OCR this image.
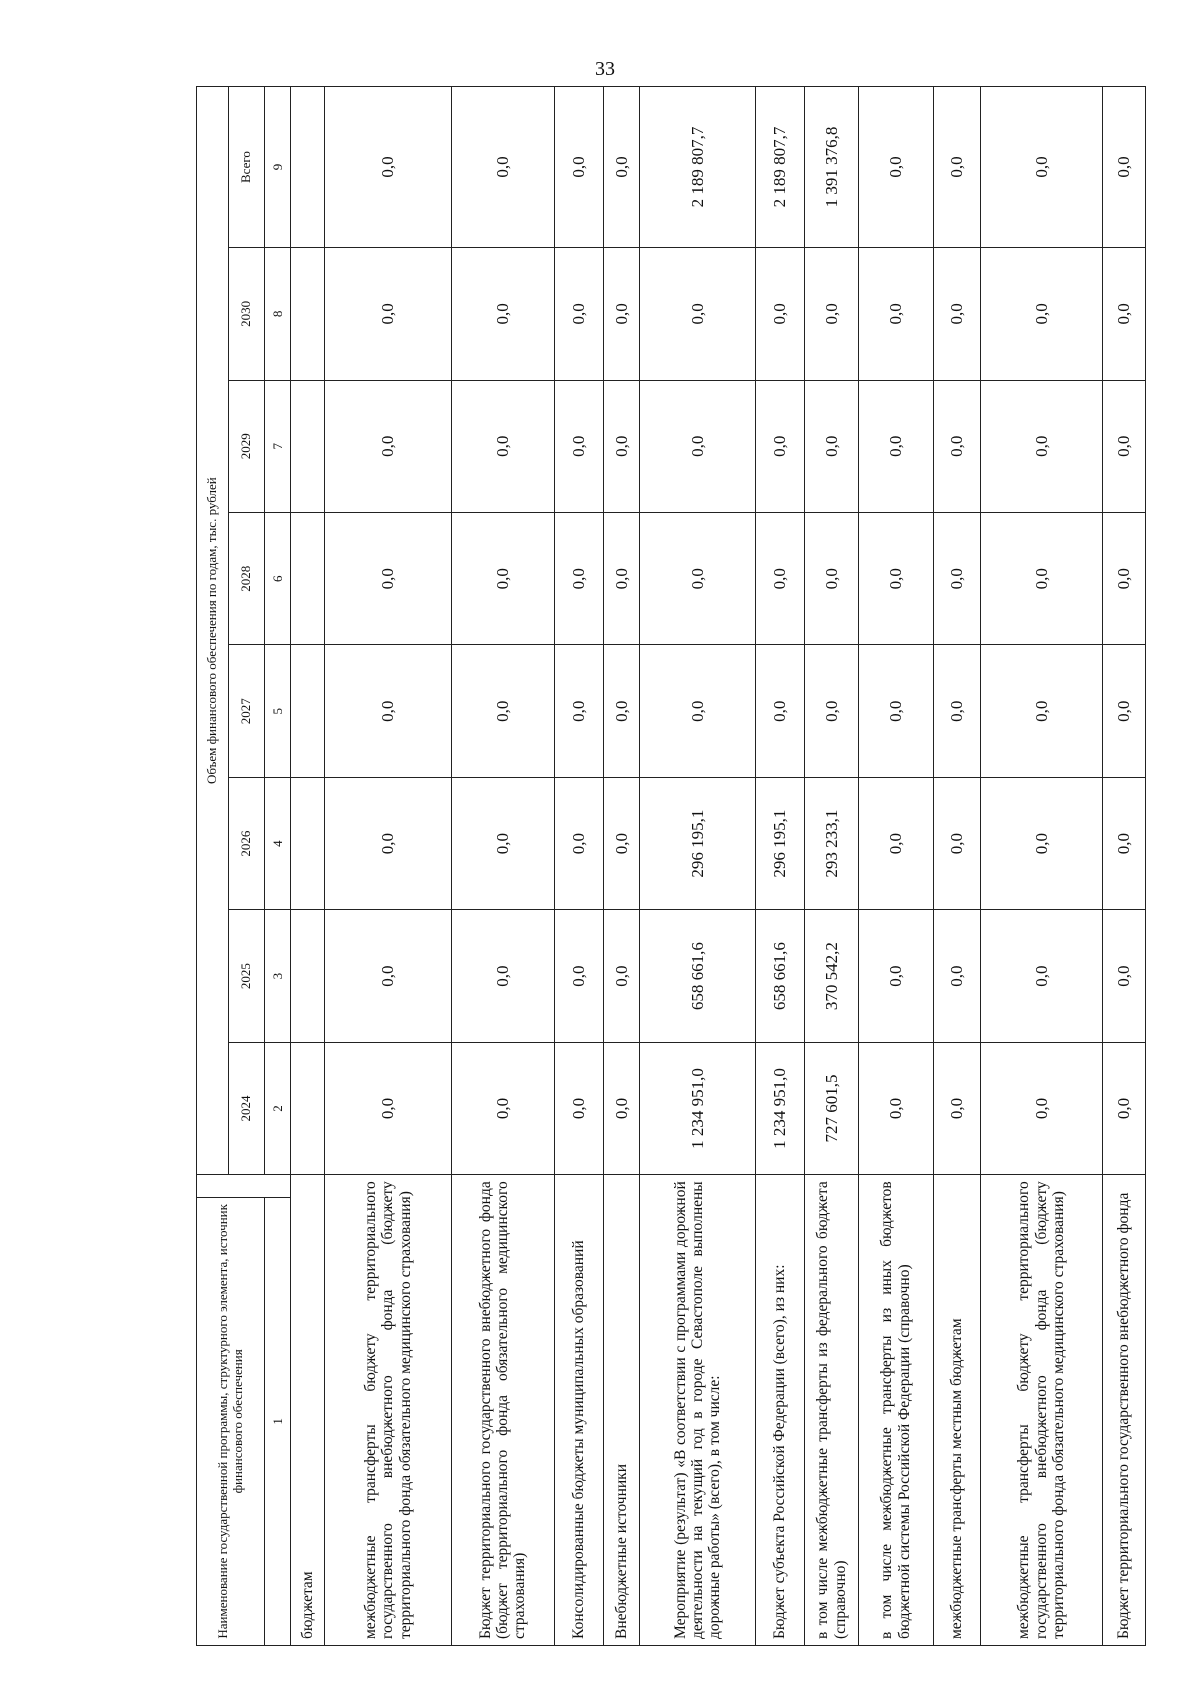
33
Наименование государственной программы, структурного элемента, источник финансового обеспечения		Объем финансового обеспечения по годам, тыс. рублей							
		2024	2025	2026	2027	2028	2029	2030	Всего
1		2	3	4	5	6	7	8	9
бюджетам									
межбюджетные трансферты бюджету территориального государственного внебюджетного фонда (бюджету территориального фонда обязательного медицинского страхования)		0,0	0,0	0,0	0,0	0,0	0,0	0,0	0,0
Бюджет территориального государственного внебюджетного фонда (бюджет территориального фонда обязательного медицинского страхования)		0,0	0,0	0,0	0,0	0,0	0,0	0,0	0,0
Консолидированные бюджеты муниципальных образований		0,0	0,0	0,0	0,0	0,0	0,0	0,0	0,0
Внебюджетные источники		0,0	0,0	0,0	0,0	0,0	0,0	0,0	0,0
Мероприятие (результат) «В соответствии с программами дорожной деятельности на текущий год в городе Севастополе выполнены дорожные работы» (всего), в том числе:		1 234 951,0	658 661,6	296 195,1	0,0	0,0	0,0	0,0	2 189 807,7
Бюджет субъекта Российской Федерации (всего), из них:		1 234 951,0	658 661,6	296 195,1	0,0	0,0	0,0	0,0	2 189 807,7
в том числе межбюджетные трансферты из федерального бюджета (справочно)		727 601,5	370 542,2	293 233,1	0,0	0,0	0,0	0,0	1 391 376,8
в том числе межбюджетные трансферты из иных бюджетов бюджетной системы Российской Федерации (справочно)		0,0	0,0	0,0	0,0	0,0	0,0	0,0	0,0
межбюджетные трансферты местным бюджетам		0,0	0,0	0,0	0,0	0,0	0,0	0,0	0,0
межбюджетные трансферты бюджету территориального государственного внебюджетного фонда (бюджету территориального фонда обязательного медицинского страхования)		0,0	0,0	0,0	0,0	0,0	0,0	0,0	0,0
Бюджет территориального государственного внебюджетного фонда		0,0	0,0	0,0	0,0	0,0	0,0	0,0	0,0
